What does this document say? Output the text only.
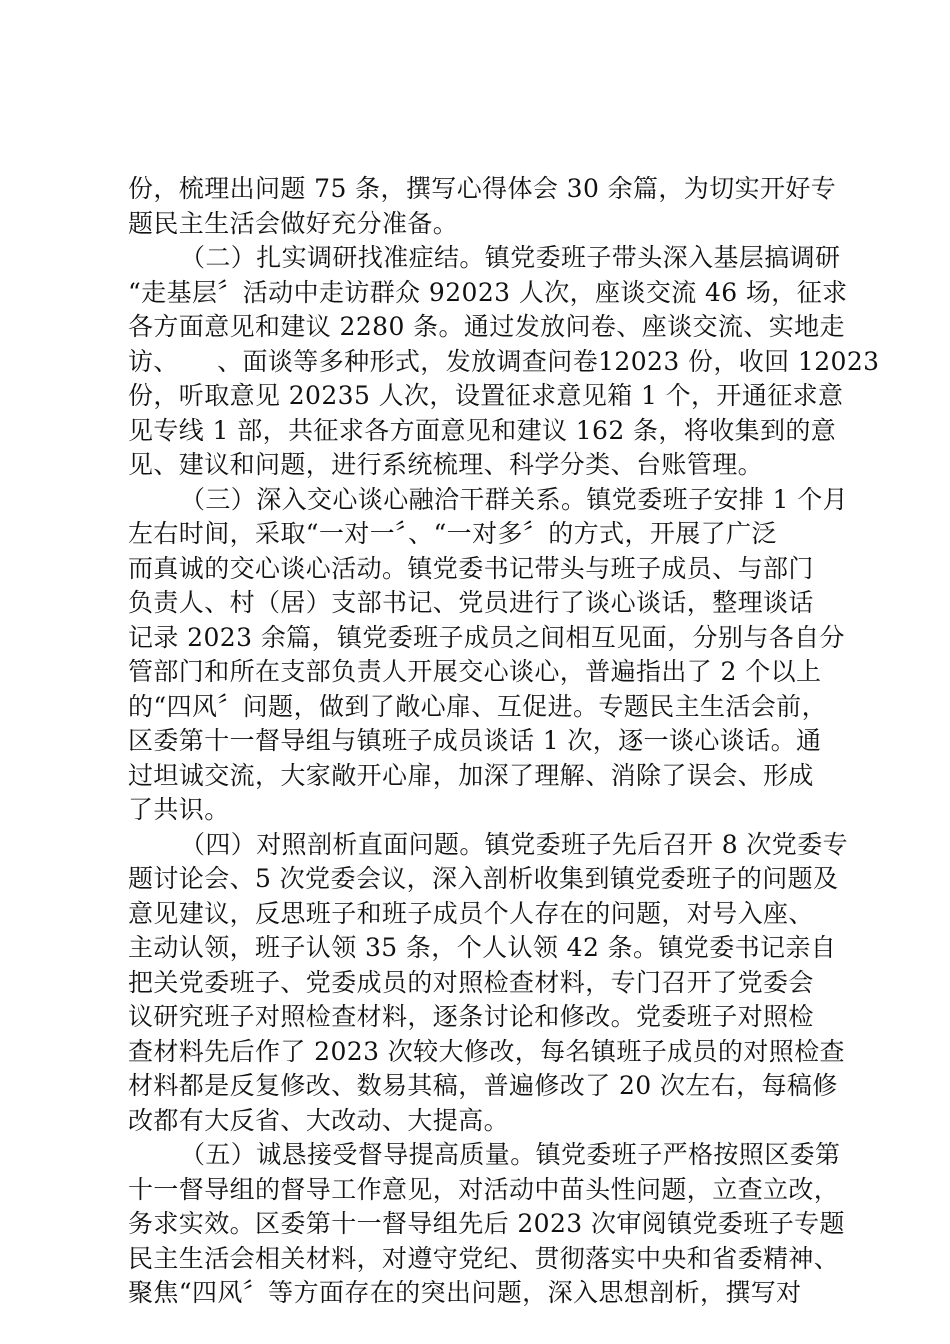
份，梳理出问题 75 条，撰写心得体会 30 余篇，为切实开好专
题民主生活会做好充分准备。
（二）扎实调研找准症结。镇党委班子带头深入基层搞调研
“走基层〞活动中走访群众 92023 人次，座谈交流 46 场，征求
各方面意见和建议 2280 条。通过发放问卷、座谈交流、实地走
访、　　、面谈等多种形式，发放调查问卷12023 份，收回 12023
份，听取意见 20235 人次，设置征求意见箱 1 个，开通征求意
见专线 1 部，共征求各方面意见和建议 162 条，将收集到的意
见、建议和问题，进行系统梳理、科学分类、台账管理。
（三）深入交心谈心融洽干群关系。镇党委班子安排 1 个月
左右时间，采取“一对一〞、“一对多〞的方式，开展了广泛
而真诚的交心谈心活动。镇党委书记带头与班子成员、与部门
负责人、村（居）支部书记、党员进行了谈心谈话，整理谈话
记录 2023 余篇，镇党委班子成员之间相互见面，分别与各自分
管部门和所在支部负责人开展交心谈心，普遍指出了 2 个以上
的“四风〞问题，做到了敞心扉、互促进。专题民主生活会前，
区委第十一督导组与镇班子成员谈话 1 次，逐一谈心谈话。通
过坦诚交流，大家敞开心扉，加深了理解、消除了误会、形成
了共识。
（四）对照剖析直面问题。镇党委班子先后召开 8 次党委专
题讨论会、5 次党委会议，深入剖析收集到镇党委班子的问题及
意见建议，反思班子和班子成员个人存在的问题，对号入座、
主动认领，班子认领 35 条，个人认领 42 条。镇党委书记亲自
把关党委班子、党委成员的对照检查材料，专门召开了党委会
议研究班子对照检查材料，逐条讨论和修改。党委班子对照检
查材料先后作了 2023 次较大修改，每名镇班子成员的对照检查
材料都是反复修改、数易其稿，普遍修改了 20 次左右，每稿修
改都有大反省、大改动、大提高。
（五）诚恳接受督导提高质量。镇党委班子严格按照区委第
十一督导组的督导工作意见，对活动中苗头性问题，立查立改，
务求实效。区委第十一督导组先后 2023 次审阅镇党委班子专题
民主生活会相关材料，对遵守党纪、贯彻落实中央和省委精神、
聚焦“四风〞等方面存在的突出问题，深入思想剖析，撰写对
